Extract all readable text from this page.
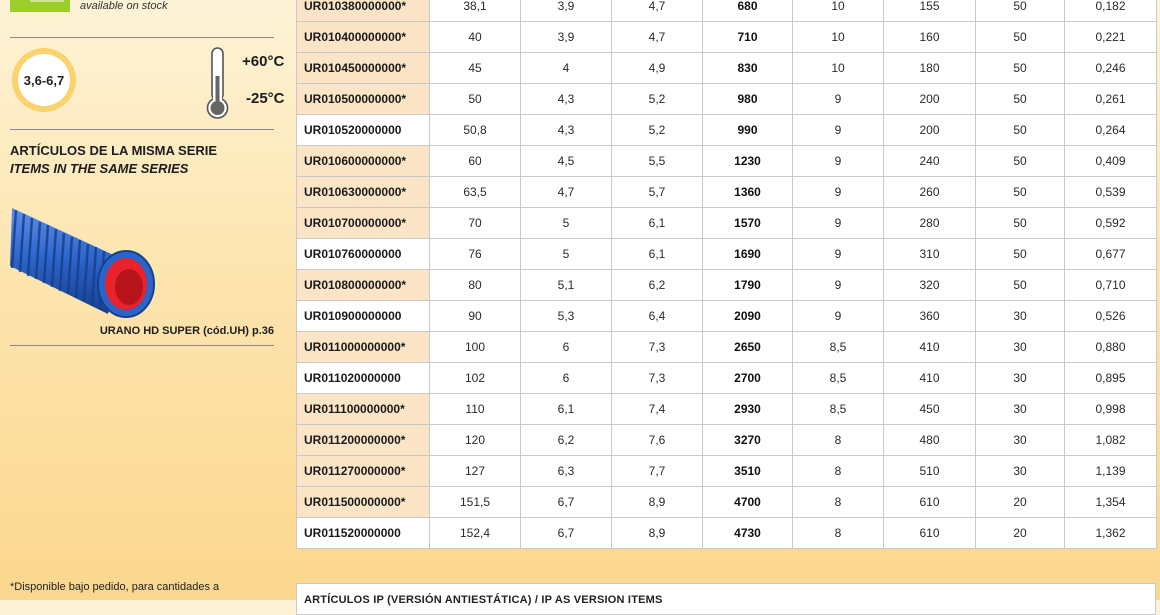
available on stock
3,6-6,7
+60°C
-25°C
ARTÍCULOS DE LA MISMA SERIE
ITEMS IN THE SAME SERIES
URANO HD SUPER (cód.UH) p.36
*Disponible bajo pedido, para cantidades a
UR010380000000*	38,1	3,9	4,7	680	10	155	50	0,182
UR010400000000*	40	3,9	4,7	710	10	160	50	0,221
UR010450000000*	45	4	4,9	830	10	180	50	0,246
UR010500000000*	50	4,3	5,2	980	9	200	50	0,261
UR010520000000	50,8	4,3	5,2	990	9	200	50	0,264
UR010600000000*	60	4,5	5,5	1230	9	240	50	0,409
UR010630000000*	63,5	4,7	5,7	1360	9	260	50	0,539
UR010700000000*	70	5	6,1	1570	9	280	50	0,592
UR010760000000	76	5	6,1	1690	9	310	50	0,677
UR010800000000*	80	5,1	6,2	1790	9	320	50	0,710
UR010900000000	90	5,3	6,4	2090	9	360	30	0,526
UR011000000000*	100	6	7,3	2650	8,5	410	30	0,880
UR011020000000	102	6	7,3	2700	8,5	410	30	0,895
UR011100000000*	110	6,1	7,4	2930	8,5	450	30	0,998
UR011200000000*	120	6,2	7,6	3270	8	480	30	1,082
UR011270000000*	127	6,3	7,7	3510	8	510	30	1,139
UR011500000000*	151,5	6,7	8,9	4700	8	610	20	1,354
UR011520000000	152,4	6,7	8,9	4730	8	610	20	1,362
ARTÍCULOS IP (VERSIÓN ANTIESTÁTICA) / IP AS VERSION ITEMS
